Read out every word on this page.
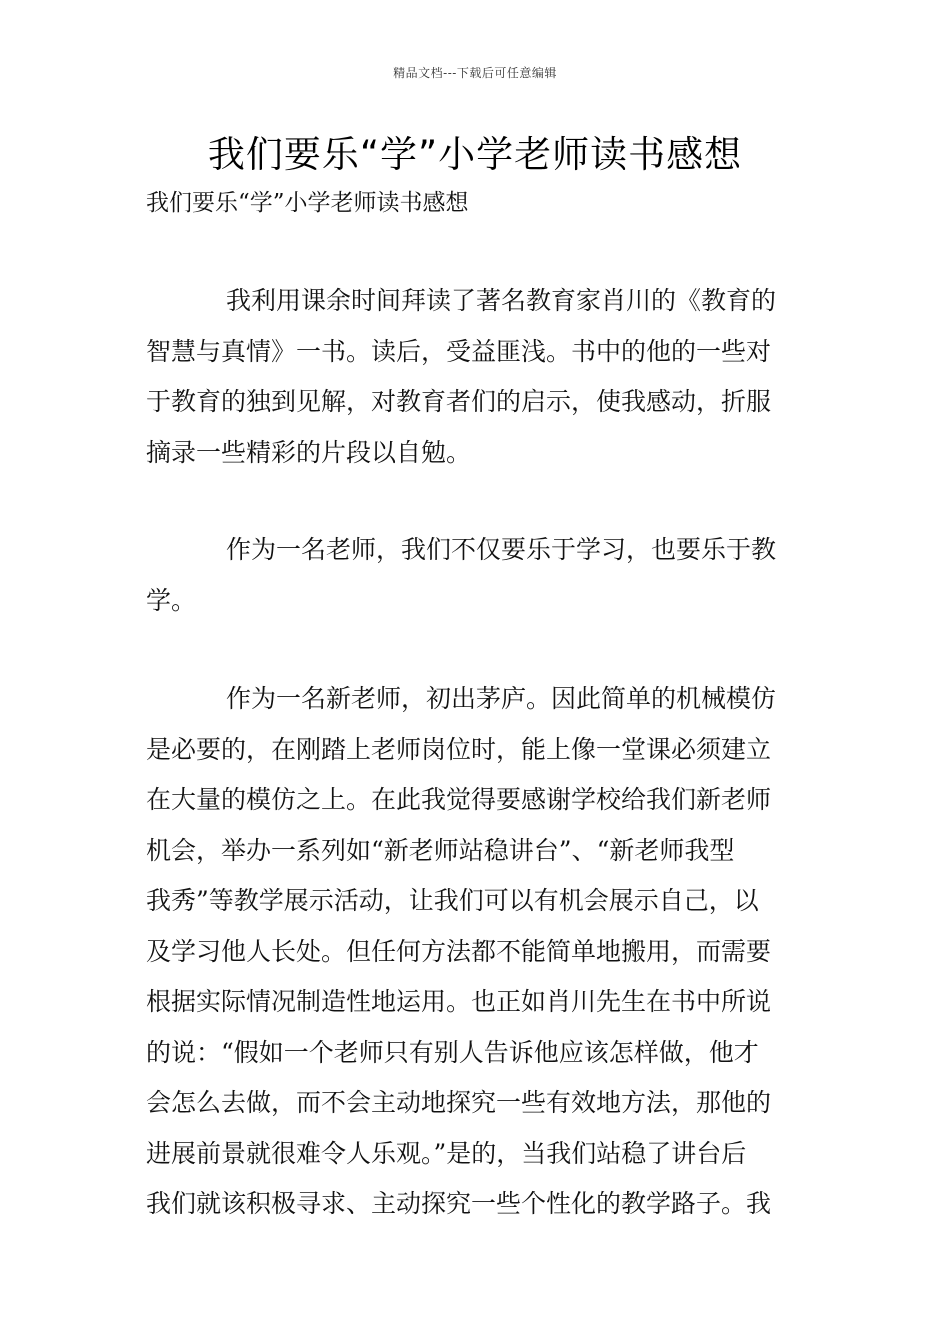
精品文档---下载后可任意编辑
我们要乐“学”小学老师读书感想
我们要乐“学”小学老师读书感想
我利用课余时间拜读了著名教育家肖川的《教育的
智慧与真情》一书。读后，受益匪浅。书中的他的一些对
于教育的独到见解，对教育者们的启示，使我感动，折服
摘录一些精彩的片段以自勉。
作为一名老师，我们不仅要乐于学习，也要乐于教
学。
作为一名新老师，初出茅庐。因此简单的机械模仿
是必要的，在刚踏上老师岗位时，能上像一堂课必须建立
在大量的模仿之上。在此我觉得要感谢学校给我们新老师
机会，举办一系列如“新老师站稳讲台”、“新老师我型
我秀”等教学展示活动，让我们可以有机会展示自己，以
及学习他人长处。但任何方法都不能简单地搬用，而需要
根据实际情况制造性地运用。也正如肖川先生在书中所说
的说：“假如一个老师只有别人告诉他应该怎样做，他才
会怎么去做，而不会主动地探究一些有效地方法，那他的
进展前景就很难令人乐观。”是的，当我们站稳了讲台后
我们就该积极寻求、主动探究一些个性化的教学路子。我
